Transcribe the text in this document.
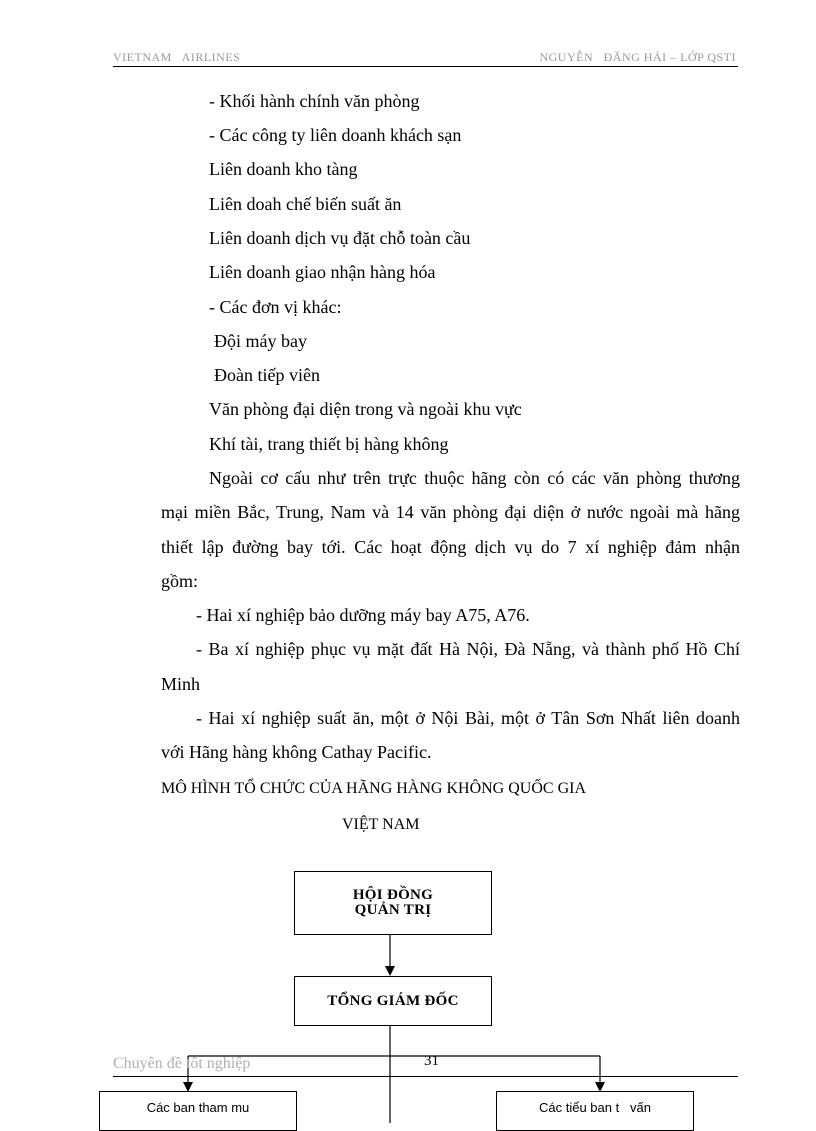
VIETNAM   AIRLINES	NGUYỄN   ĐĂNG HẢI – LỚP QSTI
- Khối hành chính văn phòng
- Các công ty liên doanh khách sạn
Liên doanh kho tàng
Liên doah chế biến suất ăn
Liên doanh dịch vụ đặt chỗ toàn cầu
Liên doanh giao nhận hàng hóa
- Các đơn vị khác:
Đội máy bay
Đoàn tiếp viên
Văn phòng đại diện trong và ngoài khu vực
Khí tài, trang thiết bị hàng không
Ngoài cơ cấu như trên trực thuộc hãng còn có các văn phòng thương
mại miền Bắc, Trung, Nam và 14 văn phòng đại diện ở nước ngoài mà hãng
thiết lập đường bay tới. Các hoạt động dịch vụ do 7 xí nghiệp đảm nhận
gồm:
- Hai xí nghiệp bảo dưỡng máy bay A75, A76.
- Ba xí nghiệp phục vụ mặt đất Hà Nội, Đà Nẵng, và thành phố Hồ Chí
Minh
- Hai xí nghiệp suất ăn, một ở Nội Bài, một ở Tân Sơn Nhất liên doanh
với Hãng hàng không Cathay Pacific.
MÔ HÌNH TỔ CHỨC CỦA HÃNG HÀNG KHÔNG QUỐC GIA
VIỆT NAM
HỘI ĐỒNG
QUẢN TRỊ
TỔNG GIÁM ĐỐC
Chuyên đề tốt nghiệp	31
Các ban tham mu	Các tiểu ban t   vấn
